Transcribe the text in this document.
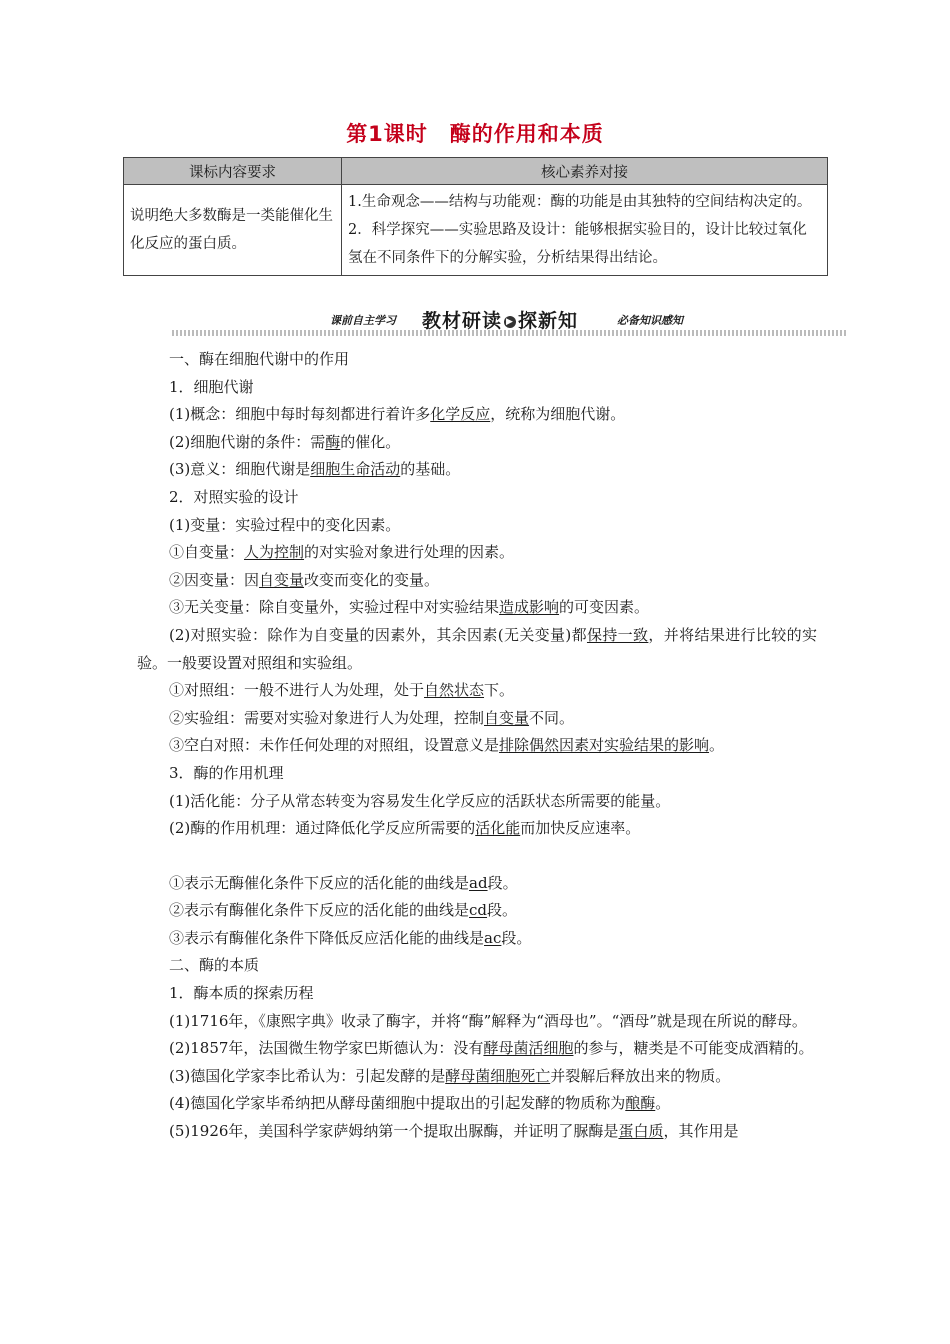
第1课时　酶的作用和本质
课标内容要求	核心素养对接
说明绝大多数酶是一类能催化生化反应的蛋白质。	1.生命观念——结构与功能观：酶的功能是由其独特的空间结构决定的。
2．科学探究——实验思路及设计：能够根据实验目的，设计比较过氧化氢在不同条件下的分解实验，分析结果得出结论。
课前自主学习 教材研读 ▶ 探新知	必备知识感知

一、酶在细胞代谢中的作用

1．细胞代谢

(1)概念：细胞中每时每刻都进行着许多化学反应，统称为细胞代谢。

(2)细胞代谢的条件：需酶的催化。

(3)意义：细胞代谢是细胞生命活动的基础。

2．对照实验的设计

(1)变量：实验过程中的变化因素。

①自变量：人为控制的对实验对象进行处理的因素。

②因变量：因自变量改变而变化的变量。

③无关变量：除自变量外，实验过程中对实验结果造成影响的可变因素。

(2)对照实验：除作为自变量的因素外，其余因素(无关变量)都保持一致，并将结果进行比较的实验。一般要设置对照组和实验组。

①对照组：一般不进行人为处理，处于自然状态下。

②实验组：需要对实验对象进行人为处理，控制自变量不同。

③空白对照：未作任何处理的对照组，设置意义是排除偶然因素对实验结果的影响。

3．酶的作用机理

(1)活化能：分子从常态转变为容易发生化学反应的活跃状态所需要的能量。

(2)酶的作用机理：通过降低化学反应所需要的活化能而加快反应速率。

①表示无酶催化条件下反应的活化能的曲线是ad段。

②表示有酶催化条件下反应的活化能的曲线是cd段。

③表示有酶催化条件下降低反应活化能的曲线是ac段。

二、酶的本质

1．酶本质的探索历程

(1)1716年，《康熙字典》收录了酶字，并将“酶”解释为“酒母也”。“酒母”就是现在所说的酵母。

(2)1857年，法国微生物学家巴斯德认为：没有酵母菌活细胞的参与，糖类是不可能变成酒精的。

(3)德国化学家李比希认为：引起发酵的是酵母菌细胞死亡并裂解后释放出来的物质。

(4)德国化学家毕希纳把从酵母菌细胞中提取出的引起发酵的物质称为酿酶。

(5)1926年，美国科学家萨姆纳第一个提取出脲酶，并证明了脲酶是蛋白质，其作用是
